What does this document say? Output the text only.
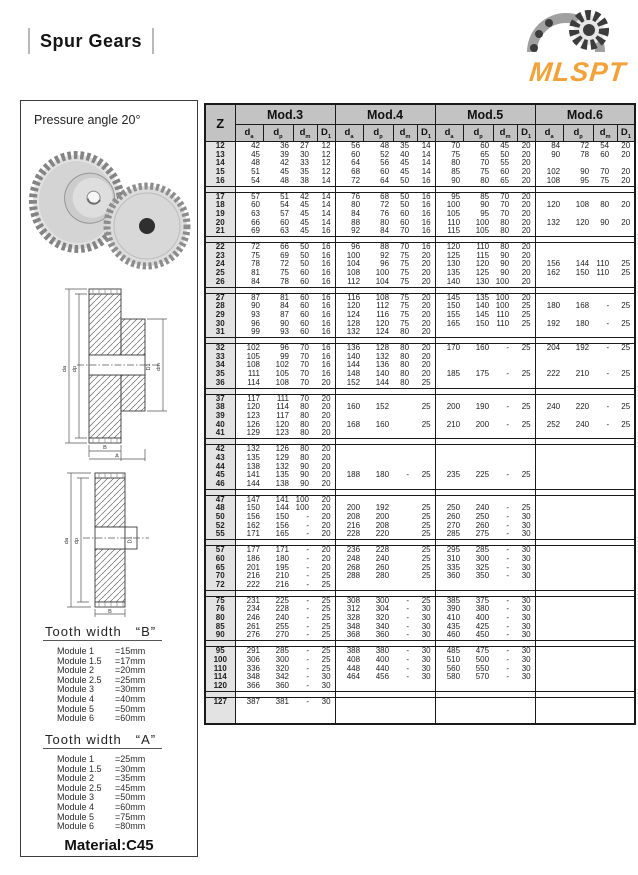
Spur Gears
MLSPT
Pressure angle 20°
da dp	dm
D1
B
A
da dp	D1
B
Tooth width “B”
Module 1	=15mm
Module 1.5	=17mm
Module 2	=20mm
Module 2.5	=25mm
Module 3	=30mm
Module 4	=40mm
Module 5	=50mm
Module 6	=60mm
Tooth width “A”
Module 1	=25mm
Module 1.5	=30mm
Module 2	=35mm
Module 2.5	=45mm
Module 3	=50mm
Module 4	=60mm
Module 5	=75mm
Module 6	=80mm
Material:C45
Z	Mod.3				Mod.4				Mod.5				Mod.6			
	$d_a$	$d_p$	$d_m$	$D_1$	$d_a$	$d_p$	$d_m$	$D_1$	$d_a$	$d_p$	$d_m$	$D_1$	$d_a$	$d_p$	$d_m$	$D_1$
12	42	36	27	12	56	48	35	14	70	60	45	20	84	72	54	20
13	45	39	30	12	60	52	40	14	75	65	50	20	90	78	60	20
14	48	42	33	12	64	56	45	14	80	70	55	20				
15	51	45	35	12	68	60	45	14	85	75	60	20	102	90	70	20
16	54	48	38	14	72	64	50	16	90	80	65	20	108	95	75	20

17	57	51	42	14	76	68	50	16	95	85	70	20				
18	60	54	45	14	80	72	50	16	100	90	70	20	120	108	80	20
19	63	57	45	14	84	76	60	16	105	95	70	20				
20	66	60	45	14	88	80	60	16	110	100	80	20	132	120	90	20
21	69	63	45	16	92	84	70	16	115	105	80	20				

22	72	66	50	16	96	88	70	16	120	110	80	20				
23	75	69	50	16	100	92	75	20	125	115	90	20				
24	78	72	50	16	104	96	75	20	130	120	90	20	156	144	110	25
25	81	75	60	16	108	100	75	20	135	125	90	20	162	150	110	25
26	84	78	60	16	112	104	75	20	140	130	100	20				

27	87	81	60	16	116	108	75	20	145	135	100	20				
28	90	84	60	16	120	112	75	20	150	140	100	25	180	168	-	25
29	93	87	60	16	124	116	75	20	155	145	110	25				
30	96	90	60	16	128	120	75	20	165	150	110	25	192	180	-	25
31	99	93	60	16	132	124	80	20								

32	102	96	70	16	136	128	80	20	170	160	-	25	204	192	-	25
33	105	99	70	16	140	132	80	20								
34	108	102	70	16	144	136	80	20								
35	111	105	70	16	148	140	80	20	185	175	-	25	222	210	-	25
36	114	108	70	20	152	144	80	25								

37	117	111	70	20												
38	120	114	80	20	160	152		25	200	190	-	25	240	220	-	25
39	123	117	80	20												
40	126	120	80	20	168	160		25	210	200	-	25	252	240	-	25
41	129	123	80	20												

42	132	126	80	20												
43	135	129	80	20												
44	138	132	90	20												
45	141	135	90	20	188	180	-	25	235	225	-	25				
46	144	138	90	20												

47	147	141	100	20												
48	150	144	100	20	200	192		25	250	240	-	25				
50	156	150	-	20	208	200		25	260	250	-	30				
52	162	156	-	20	216	208		25	270	260	-	30				
55	171	165	-	20	228	220		25	285	275	-	30				

57	177	171	-	20	236	228		25	295	285	-	30				
60	186	180	-	20	248	240		25	310	300	-	30				
65	201	195	-	20	268	260		25	335	325	-	30				
70	216	210	-	25	288	280		25	360	350	-	30				
72	222	216	-	25												

75	231	225	-	25	308	300	-	25	385	375	-	30				
76	234	228	-	25	312	304	-	30	390	380	-	30				
80	246	240	-	25	328	320	-	30	410	400	-	30				
85	261	255	-	25	348	340	-	30	435	425	-	30				
90	276	270	-	25	368	360	-	30	460	450	-	30				

95	291	285	-	25	388	380	-	30	485	475	-	30				
100	306	300	-	25	408	400	-	30	510	500	-	30				
110	336	320	-	25	448	440	-	30	560	550	-	30				
114	348	342	-	30	464	456	-	30	580	570	-	30				
120	366	360	-	30												

127	387	381	-	30												
